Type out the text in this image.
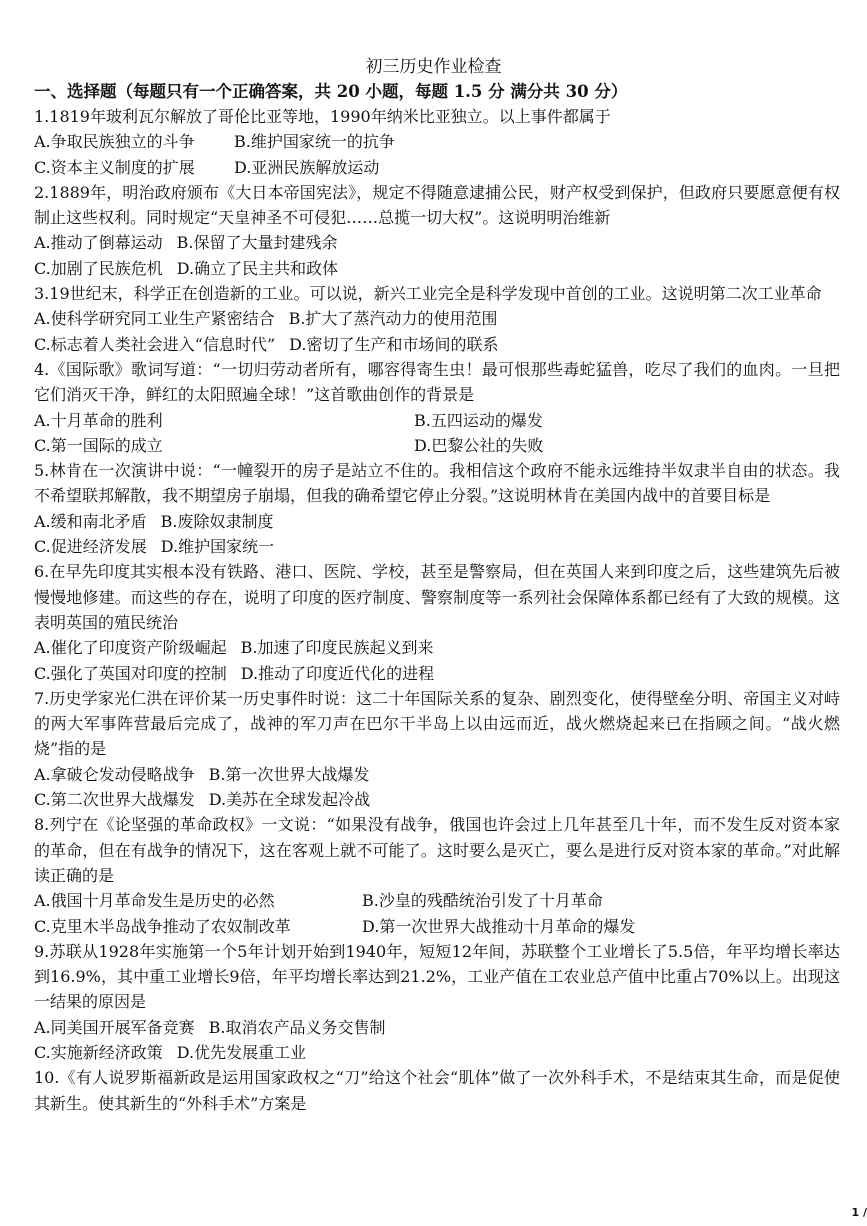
初三历史作业检查
一、选择题（每题只有一个正确答案，共 20 小题，每题 1.5 分 满分共 30 分）
1.1819年玻利瓦尔解放了哥伦比亚等地，1990年纳米比亚独立。以上事件都属于
A.争取民族独立的斗争 B.维护国家统一的抗争
C.资本主义制度的扩展 D.亚洲民族解放运动
2.1889年，明治政府颁布《大日本帝国宪法》，规定不得随意逮捕公民，财产权受到保护，但政府只要愿意便有权制止这些权利。同时规定“天皇神圣不可侵犯……总揽一切大权”。这说明明治维新
A.推动了倒幕运动 B.保留了大量封建残余
C.加剧了民族危机 D.确立了民主共和政体
3.19世纪末，科学正在创造新的工业。可以说，新兴工业完全是科学发现中首创的工业。这说明第二次工业革命
A.使科学研究同工业生产紧密结合 B.扩大了蒸汽动力的使用范围
C.标志着人类社会进入“信息时代” D.密切了生产和市场间的联系
4.《国际歌》歌词写道：“一切归劳动者所有，哪容得寄生虫！最可恨那些毒蛇猛兽，吃尽了我们的血肉。一旦把它们消灭干净，鲜红的太阳照遍全球！”这首歌曲创作的背景是
A.十月革命的胜利	B.五四运动的爆发
C.第一国际的成立	D.巴黎公社的失败
5.林肯在一次演讲中说：“一幢裂开的房子是站立不住的。我相信这个政府不能永远维持半奴隶半自由的状态。我不希望联邦解散，我不期望房子崩塌，但我的确希望它停止分裂。”这说明林肯在美国内战中的首要目标是
A.缓和南北矛盾 B.废除奴隶制度
C.促进经济发展 D.维护国家统一
6.在早先印度其实根本没有铁路、港口、医院、学校，甚至是警察局，但在英国人来到印度之后，这些建筑先后被慢慢地修建。而这些的存在，说明了印度的医疗制度、警察制度等一系列社会保障体系都已经有了大致的规模。这表明英国的殖民统治
A.催化了印度资产阶级崛起 B.加速了印度民族起义到来
C.强化了英国对印度的控制 D.推动了印度近代化的进程
7.历史学家光仁洪在评价某一历史事件时说：这二十年国际关系的复杂、剧烈变化，使得壁垒分明、帝国主义对峙的两大军事阵营最后完成了，战神的军刀声在巴尔干半岛上以由远而近，战火燃烧起来已在指顾之间。“战火燃烧”指的是
A.拿破仑发动侵略战争 B.第一次世界大战爆发
C.第二次世界大战爆发 D.美苏在全球发起冷战
8.列宁在《论坚强的革命政权》一文说：“如果没有战争，俄国也许会过上几年甚至几十年，而不发生反对资本家的革命，但在有战争的情况下，这在客观上就不可能了。这时要么是灭亡，要么是进行反对资本家的革命。”对此解读正确的是
A.俄国十月革命发生是历史的必然	B.沙皇的残酷统治引发了十月革命
C.克里木半岛战争推动了农奴制改革	D.第一次世界大战推动十月革命的爆发
9.苏联从1928年实施第一个5年计划开始到1940年，短短12年间，苏联整个工业增长了5.5倍，年平均增长率达到16.9%，其中重工业增长9倍，年平均增长率达到21.2%，工业产值在工农业总产值中比重占70%以上。出现这一结果的原因是
A.同美国开展军备竞赛 B.取消农产品义务交售制
C.实施新经济政策 D.优先发展重工业
10.《有人说罗斯福新政是运用国家政权之“刀”给这个社会“肌体”做了一次外科手术，不是结束其生命，而是促使其新生。使其新生的“外科手术”方案是
1 /
